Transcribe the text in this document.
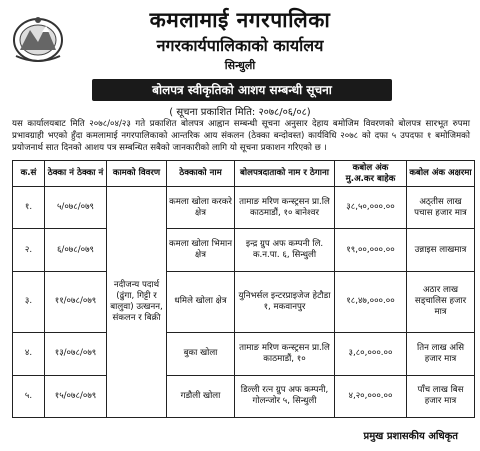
कमलामाई नगरपालिका
नगरकार्यपालिकाको कार्यालय
सिन्धुली
बोलपत्र स्वीकृतिको आशय सम्बन्धी सूचना
( सूचना प्रकाशित मिति: २०७८/०६/०८)
यस कार्यालयबाट मिति २०७८/०४/२३ गते प्रकाशित बोलपत्र आह्वान सम्बन्धी सूचना अनुसार देहाय बमोजिम विवरणको बोलपत्र सारभूत रुपमा प्रभावग्राही भएको हुँदा कमलामाई नगरपालिकाको आन्तरिक आय संकलन (ठेक्का बन्दोवस्त) कार्यविधि २०७८ को दफा ५ उपदफा १ बमोजिमको प्रयोजनार्थ सात दिनको आशय पत्र सम्बन्धित सबैको जानकारीको लागि यो सूचना प्रकाशन गरिएको छ ।
क.सं	ठेक्का नं ठेक्का नं	कामको विवरण	ठेक्काको नाम	बोलपत्रदाताको नाम र ठेगाना	कबोल अंक मु.अ.कर बाहेक	कबोल अंक अक्षरमा
१.	५/०७८/०७९	नदीजन्य पदार्थ (ढुंगा, गिट्टी र बालुवा) उत्खनन, संकलन र बिक्री	कमला खोला करकरे क्षेत्र	तामाङ मरिण कन्स्ट्रसन प्रा.लि काठमाडौं, १० बानेश्वर	३८,५०,०००.००	अठ्तीस लाख पचास हजार मात्र
२.	६/०७८/०७९		कमला खोला भिमान क्षेत्र	इन्द्र ग्रुप अफ कम्पनी लि. क.न.पा. ६, सिन्धुली	१९,००,०००.००	उन्नाइस लाखमात्र
३.	११/०७८/०७९		धमिले खोला क्षेत्र	युनिभर्सल इन्टरप्राइजेज हेटौडा १, मकवानपुर	१८,४७,०००.००	अठार लाख सड्चालिस हजार मात्र
४.	१३/०७८/०७९		बुका खोला	तामाङ मरिण कन्स्ट्रसन प्रा.लि काठमाडौं, १०	३,८०,०००.००	तिन लाख असि हजार मात्र
५.	१५/०७८/०७९		गडौली खोला	डिल्ली रत्न ग्रुप अफ कम्पनी, गोलन्जोर ५, सिन्धुली	४,२०,०००.००	पाँच लाख बिस हजार मात्र
प्रमुख प्रशासकीय अधिकृत
